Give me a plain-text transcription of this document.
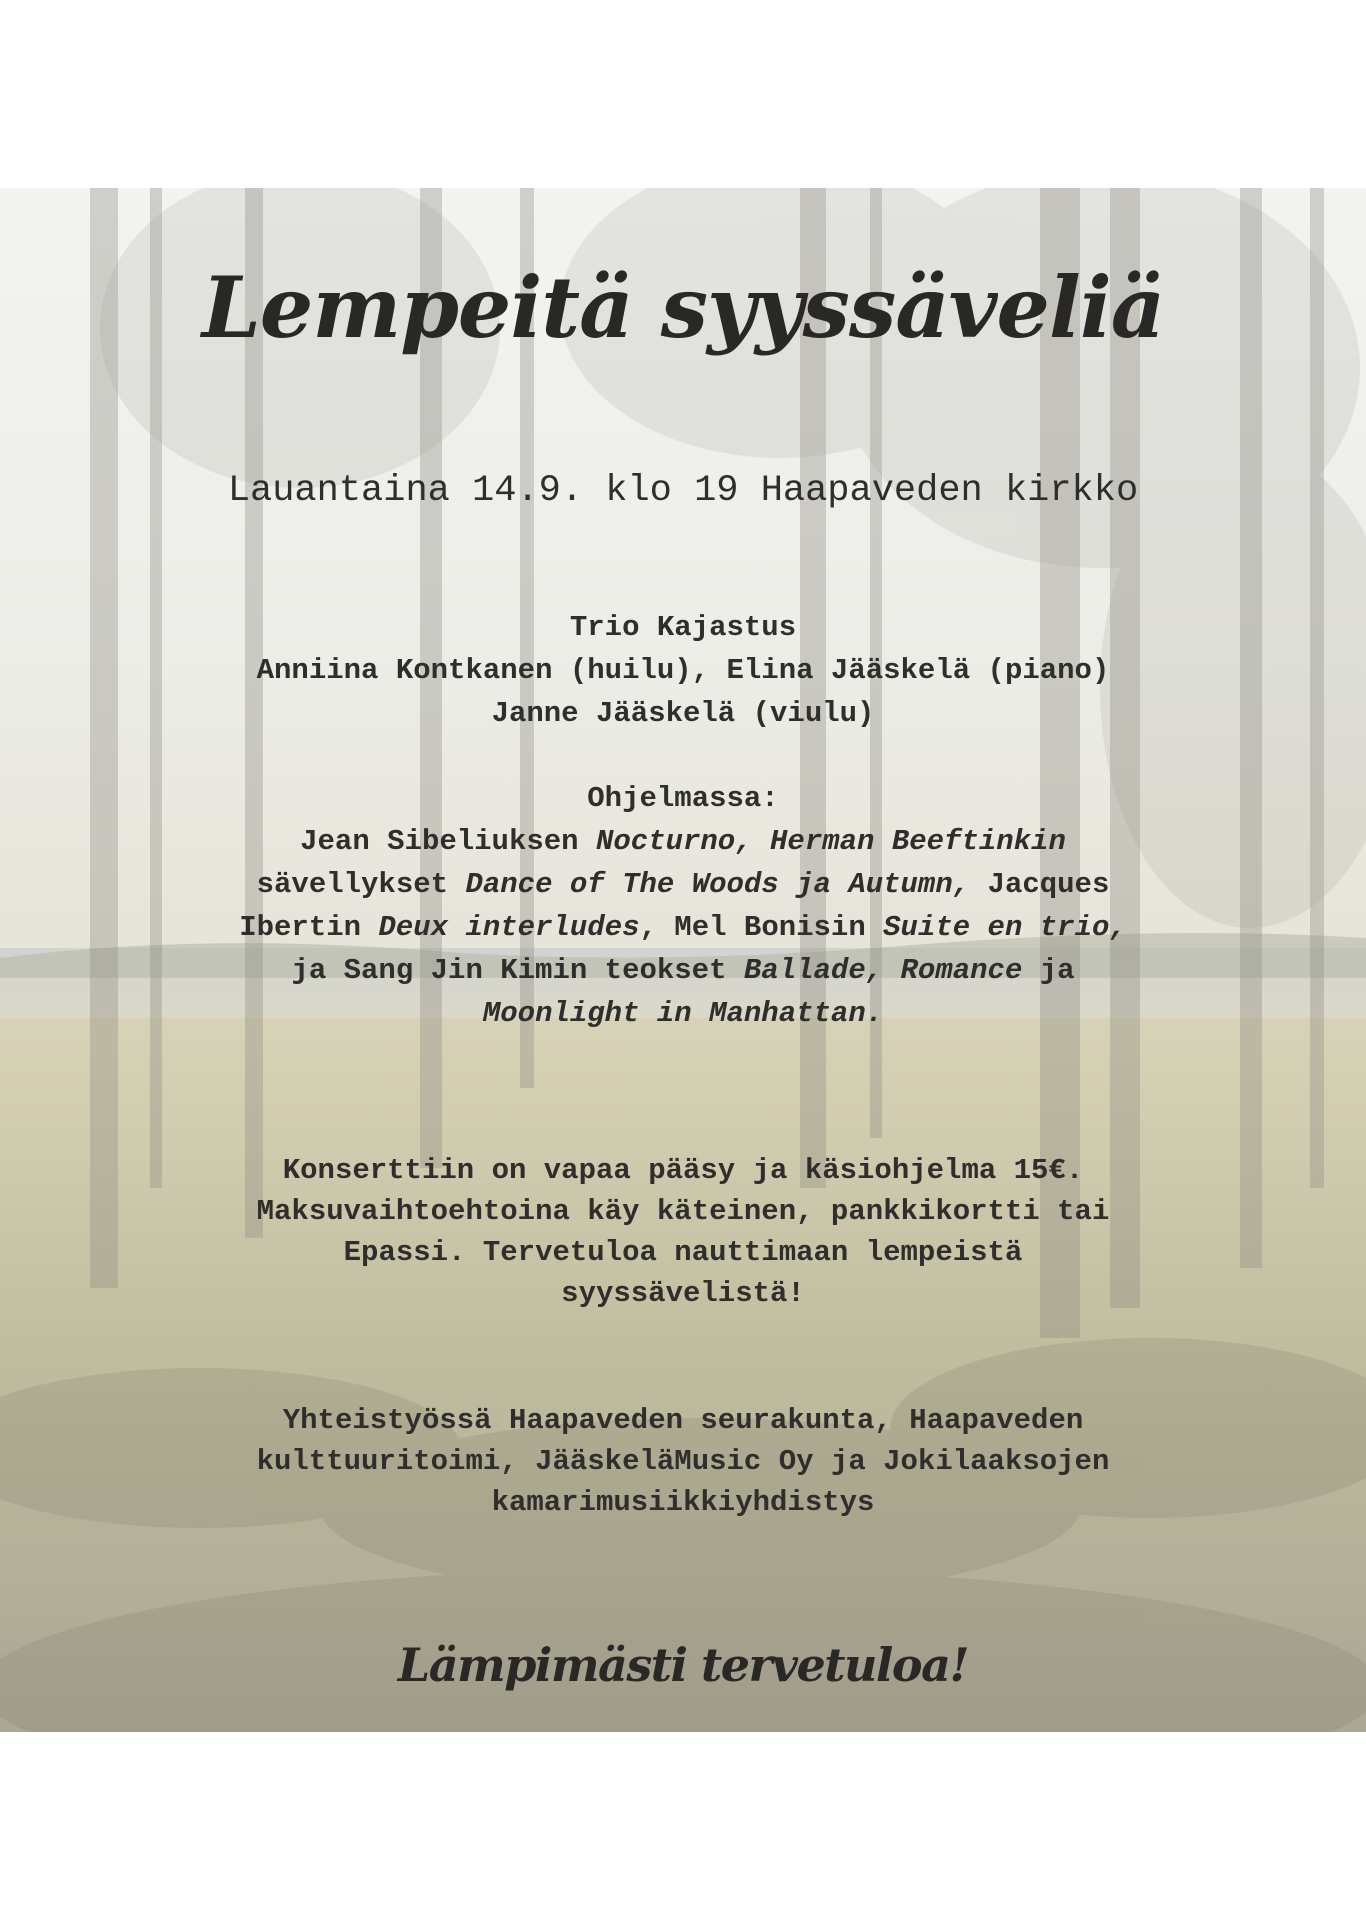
Lempeitä syyssäveliä
Lauantaina 14.9. klo 19 Haapaveden kirkko
Trio Kajastus
Anniina Kontkanen (huilu), Elina Jääskelä (piano)
Janne Jääskelä (viulu)
Ohjelmassa:
Jean Sibeliuksen Nocturno, Herman Beeftinkin
sävellykset Dance of The Woods ja Autumn, Jacques
Ibertin Deux interludes, Mel Bonisin Suite en trio,
ja Sang Jin Kimin teokset Ballade, Romance ja
Moonlight in Manhattan.
Konserttiin on vapaa pääsy ja käsiohjelma 15€.
Maksuvaihtoehtoina käy käteinen, pankkikortti tai
Epassi. Tervetuloa nauttimaan lempeistä
syyssävelistä!
Yhteistyössä Haapaveden seurakunta, Haapaveden
kulttuuritoimi, JääskeläMusic Oy ja Jokilaaksojen
kamarimusiikkiyhdistys
Lämpimästi tervetuloa!
